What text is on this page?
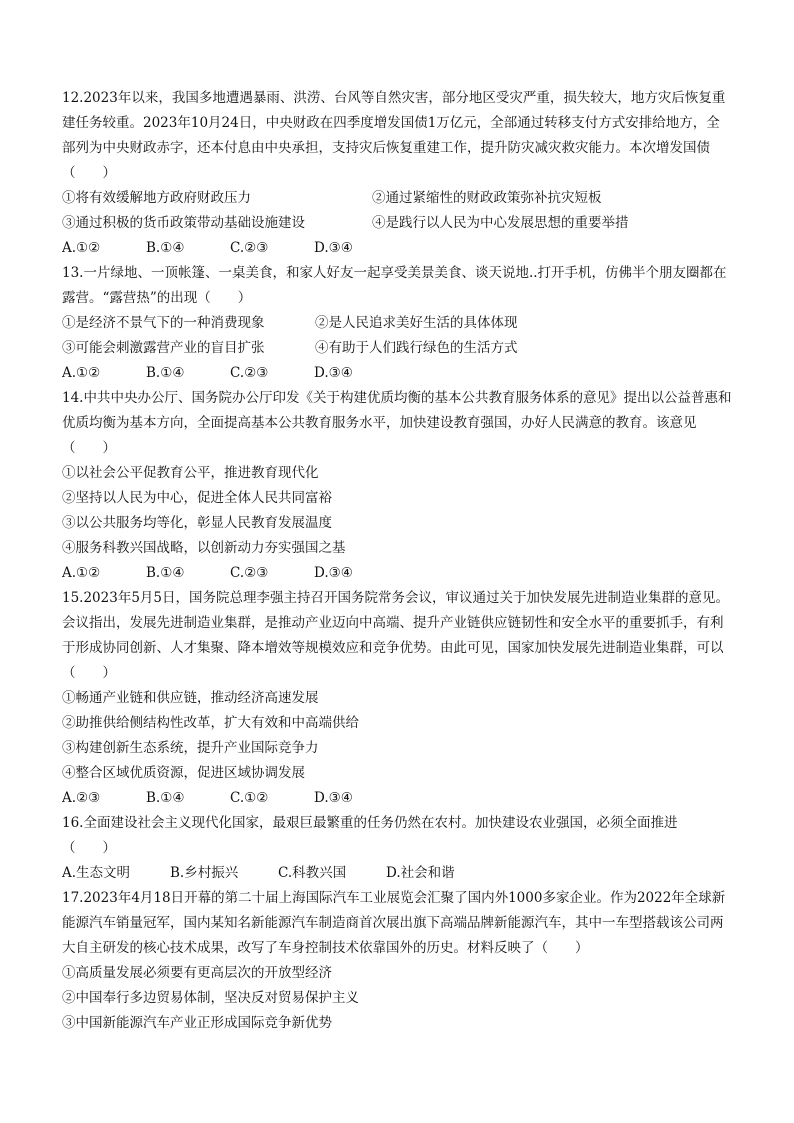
12.2023年以来，我国多地遭遇暴雨、洪涝、台风等自然灾害，部分地区受灾严重，损失较大，地方灾后恢复重建任务较重。2023年10月24日，中央财政在四季度增发国债1万亿元，全部通过转移支付方式安排给地方，全部列为中央财政赤字，还本付息由中央承担，支持灾后恢复重建工作，提升防灾减灾救灾能力。本次增发国债（　　）
①将有效缓解地方政府财政压力	②通过紧缩性的财政政策弥补抗灾短板
③通过积极的货币政策带动基础设施建设	④是践行以人民为中心发展思想的重要举措
A.①②	B.①④	C.②③	D.③④
13.一片绿地、一顶帐篷、一桌美食，和家人好友一起享受美景美食、谈天说地..打开手机，仿佛半个朋友圈都在露营。“露营热”的出现（　　）
①是经济不景气下的一种消费现象	②是人民追求美好生活的具体体现
③可能会刺激露营产业的盲目扩张	④有助于人们践行绿色的生活方式
A.①②	B.①④	C.②③	D.③④
14.中共中央办公厅、国务院办公厅印发《关于构建优质均衡的基本公共教育服务体系的意见》提出以公益普惠和优质均衡为基本方向，全面提高基本公共教育服务水平，加快建设教育强国，办好人民满意的教育。该意见（　　）
①以社会公平促教育公平，推进教育现代化
②坚持以人民为中心，促进全体人民共同富裕
③以公共服务均等化，彰显人民教育发展温度
④服务科教兴国战略，以创新动力夯实强国之基
A.①②	B.①④	C.②③	D.③④
15.2023年5月5日，国务院总理李强主持召开国务院常务会议，审议通过关于加快发展先进制造业集群的意见。会议指出，发展先进制造业集群，是推动产业迈向中高端、提升产业链供应链韧性和安全水平的重要抓手，有利于形成协同创新、人才集聚、降本增效等规模效应和竞争优势。由此可见，国家加快发展先进制造业集群，可以（　　）
①畅通产业链和供应链，推动经济高速发展
②助推供给侧结构性改革，扩大有效和中高端供给
③构建创新生态系统，提升产业国际竞争力
④整合区域优质资源，促进区域协调发展
A.②③	B.①④	C.①②	D.③④
16.全面建设社会主义现代化国家，最艰巨最繁重的任务仍然在农村。加快建设农业强国，必须全面推进
（　　）
A.生态文明	B.乡村振兴	C.科教兴国	D.社会和谐
17.2023年4月18日开幕的第二十届上海国际汽车工业展览会汇聚了国内外1000多家企业。作为2022年全球新能源汽车销量冠军，国内某知名新能源汽车制造商首次展出旗下高端品牌新能源汽车，其中一车型搭载该公司两大自主研发的核心技术成果，改写了车身控制技术依靠国外的历史。材料反映了（　　）
①高质量发展必须要有更高层次的开放型经济
②中国奉行多边贸易体制，坚决反对贸易保护主义
③中国新能源汽车产业正形成国际竞争新优势
